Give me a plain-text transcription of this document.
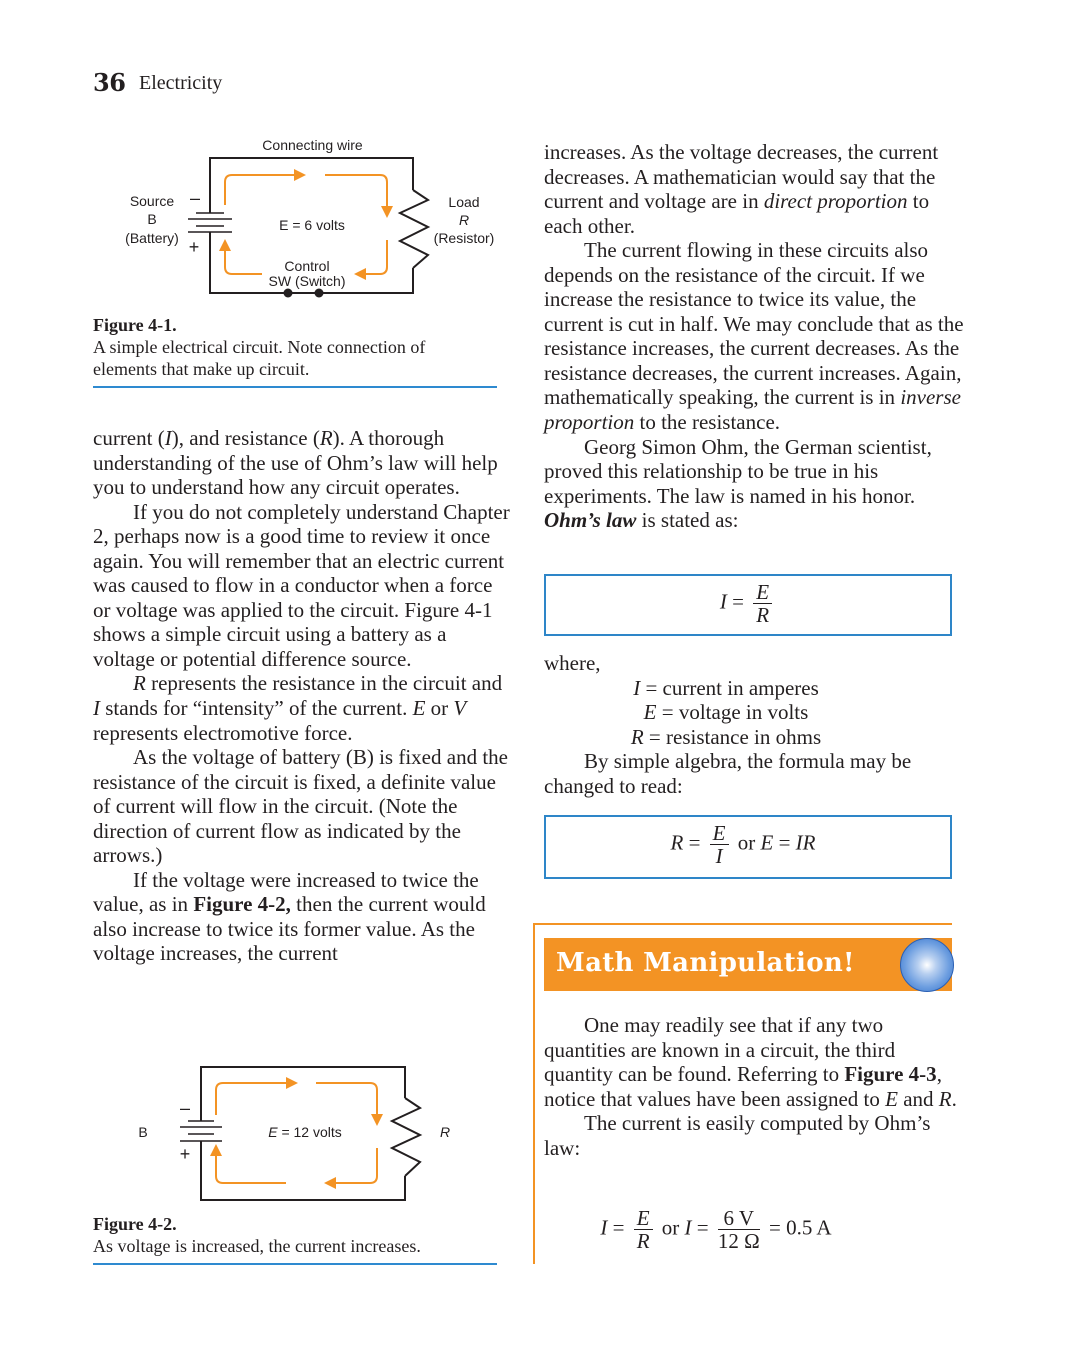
36 Electricity
Connecting wire
Source
B
(Battery)
–
+
E = 6 volts
Load
R
(Resistor)
Control
SW (Switch)
Figure 4-1.
A simple electrical circuit. Note connection of
elements that make up circuit.

current (I), and resistance (R). A thorough understanding of the use of Ohm’s law will help you to understand how any circuit operates.

If you do not completely understand Chapter 2, perhaps now is a good time to review it once again. You will remember that an electric current was caused to flow in a conductor when a force or voltage was applied to the circuit. Figure 4-1 shows a simple circuit using a battery as a voltage or potential difference source.

R represents the resistance in the circuit and I stands for “intensity” of the current. E or V represents electromotive force.

As the voltage of battery (B) is fixed and the resistance of the circuit is fixed, a definite value of current will flow in the circuit. (Note the direction of current flow as indicated by the arrows.)

If the voltage were increased to twice the value, as in Figure 4-2, then the current would also increase to twice its former value. As the voltage increases, the current

B
–
+
E = 12 volts	R
Figure 4-2.
As voltage is increased, the current increases.

increases. As the voltage decreases, the current decreases. A mathematician would say that the current and voltage are in direct proportion to each other.

The current flowing in these circuits also depends on the resistance of the circuit. If we increase the resistance to twice its value, the current is cut in half. We may conclude that as the resistance increases, the current decreases. As the resistance decreases, the current increases. Again, mathematically speaking, the current is in inverse proportion to the resistance.

Georg Simon Ohm, the German scientist, proved this relationship to be true in his experiments. The law is named in his honor. Ohm’s law is stated as:

$I = \frac{E}{R}$
where,
I = current in amperes
E = voltage in volts
R = resistance in ohms
By simple algebra, the formula may be changed to read:
$R = \frac{E}{I}$ or E = IR
Math Manipulation!

One may readily see that if any two quantities are known in a circuit, the third quantity can be found. Referring to Figure 4-3, notice that values have been assigned to E and R.

The current is easily computed by Ohm’s law:

$I = \frac{E}{R}$ or $I = \frac{6 V}{12 \Omega} = 0.5$ A
